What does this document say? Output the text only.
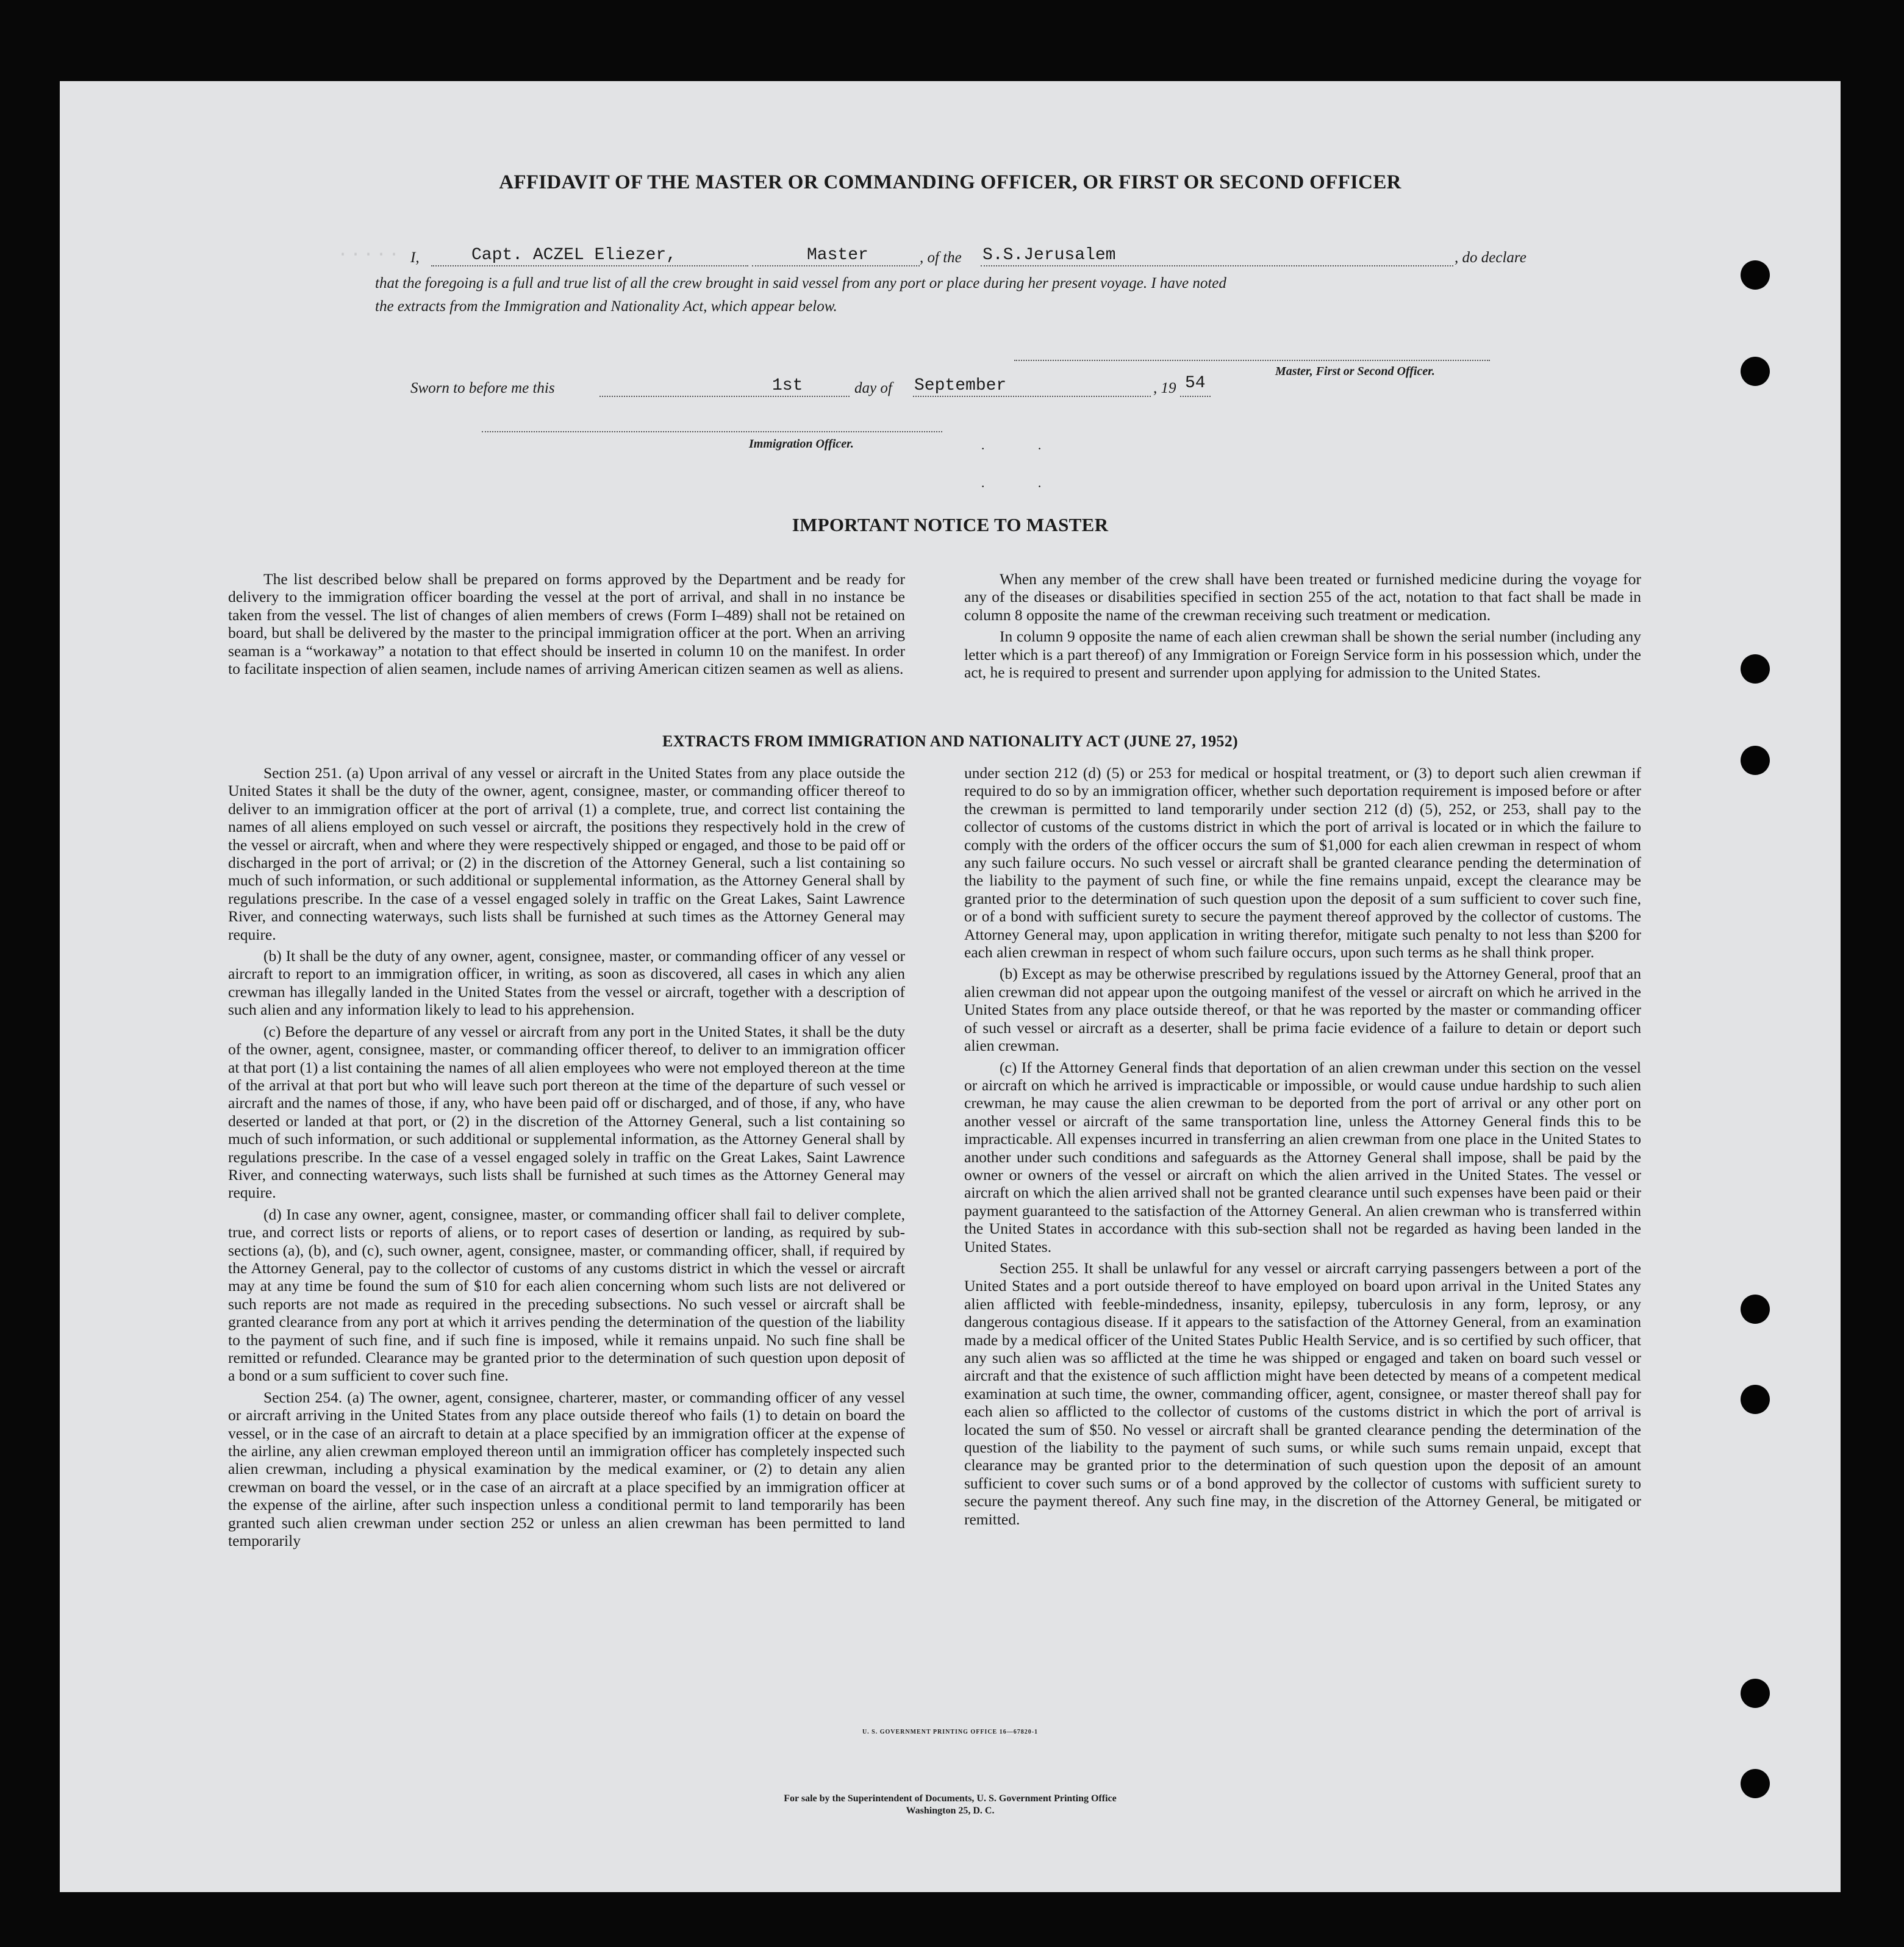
.....
AFFIDAVIT OF THE MASTER OR COMMANDING OFFICER, OR FIRST OR SECOND OFFICER
I,	Capt. ACZEL Eliezer,	Master	, of the S.S.Jerusalem	, do declare
that the foregoing is a full and true list of all the crew brought in said vessel from any port or place during her present voyage. I have noted
the extracts from the Immigration and Nationality Act, which appear below.
Master, First or Second Officer.
Sworn to before me this	1st	day of September	, 19 54
Immigration Officer.	· ·
· ·
IMPORTANT NOTICE TO MASTER

The list described below shall be prepared on forms approved by the Department and be ready for delivery to the immigration officer boarding the vessel at the port of arrival, and shall in no instance be taken from the vessel. The list of changes of alien members of crews (Form I–489) shall not be retained on board, but shall be delivered by the master to the principal immigration officer at the port. When an arriving seaman is a “workaway” a notation to that effect should be inserted in column 10 on the manifest. In order to facilitate inspection of alien seamen, include names of arriving American citizen seamen as well as aliens.

When any member of the crew shall have been treated or furnished medicine during the voyage for any of the diseases or disabilities specified in section 255 of the act, notation to that fact shall be made in column 8 opposite the name of the crewman receiving such treatment or medication.

In column 9 opposite the name of each alien crewman shall be shown the serial number (including any letter which is a part thereof) of any Immigration or Foreign Service form in his possession which, under the act, he is required to present and surrender upon applying for admission to the United States.

EXTRACTS FROM IMMIGRATION AND NATIONALITY ACT (JUNE 27, 1952)

Section 251. (a) Upon arrival of any vessel or aircraft in the United States from any place outside the United States it shall be the duty of the owner, agent, consignee, master, or commanding officer thereof to deliver to an immigration officer at the port of arrival (1) a complete, true, and correct list containing the names of all aliens employed on such vessel or aircraft, the positions they respectively hold in the crew of the vessel or aircraft, when and where they were respectively shipped or engaged, and those to be paid off or discharged in the port of arrival; or (2) in the discretion of the Attorney General, such a list containing so much of such information, or such additional or supplemental information, as the Attorney General shall by regulations prescribe. In the case of a vessel engaged solely in traffic on the Great Lakes, Saint Lawrence River, and connecting waterways, such lists shall be furnished at such times as the Attorney General may require.

(b) It shall be the duty of any owner, agent, consignee, master, or commanding officer of any vessel or aircraft to report to an immigration officer, in writing, as soon as discovered, all cases in which any alien crewman has illegally landed in the United States from the vessel or aircraft, together with a description of such alien and any information likely to lead to his apprehension.

(c) Before the departure of any vessel or aircraft from any port in the United States, it shall be the duty of the owner, agent, consignee, master, or commanding officer thereof, to deliver to an immigration officer at that port (1) a list containing the names of all alien employees who were not employed thereon at the time of the arrival at that port but who will leave such port thereon at the time of the departure of such vessel or aircraft and the names of those, if any, who have been paid off or discharged, and of those, if any, who have deserted or landed at that port, or (2) in the discretion of the Attorney General, such a list containing so much of such information, or such additional or supplemental information, as the Attorney General shall by regulations prescribe. In the case of a vessel engaged solely in traffic on the Great Lakes, Saint Lawrence River, and connecting waterways, such lists shall be furnished at such times as the Attorney General may require.

(d) In case any owner, agent, consignee, master, or commanding officer shall fail to deliver complete, true, and correct lists or reports of aliens, or to report cases of desertion or landing, as required by sub-sections (a), (b), and (c), such owner, agent, consignee, master, or commanding officer, shall, if required by the Attorney General, pay to the collector of customs of any customs district in which the vessel or aircraft may at any time be found the sum of $10 for each alien concerning whom such lists are not delivered or such reports are not made as required in the preceding subsections. No such vessel or aircraft shall be granted clearance from any port at which it arrives pending the determination of the question of the liability to the payment of such fine, and if such fine is imposed, while it remains unpaid. No such fine shall be remitted or refunded. Clearance may be granted prior to the determination of such question upon deposit of a bond or a sum sufficient to cover such fine.

Section 254. (a) The owner, agent, consignee, charterer, master, or commanding officer of any vessel or aircraft arriving in the United States from any place outside thereof who fails (1) to detain on board the vessel, or in the case of an aircraft to detain at a place specified by an immigration officer at the expense of the airline, any alien crewman employed thereon until an immigration officer has completely inspected such alien crewman, including a physical examination by the medical examiner, or (2) to detain any alien crewman on board the vessel, or in the case of an aircraft at a place specified by an immigration officer at the expense of the airline, after such inspection unless a conditional permit to land temporarily has been granted such alien crewman under section 252 or unless an alien crewman has been permitted to land temporarily

under section 212 (d) (5) or 253 for medical or hospital treatment, or (3) to deport such alien crewman if required to do so by an immigration officer, whether such deportation requirement is imposed before or after the crewman is permitted to land temporarily under section 212 (d) (5), 252, or 253, shall pay to the collector of customs of the customs district in which the port of arrival is located or in which the failure to comply with the orders of the officer occurs the sum of $1,000 for each alien crewman in respect of whom any such failure occurs. No such vessel or aircraft shall be granted clearance pending the determination of the liability to the payment of such fine, or while the fine remains unpaid, except the clearance may be granted prior to the determination of such question upon the deposit of a sum sufficient to cover such fine, or of a bond with sufficient surety to secure the payment thereof approved by the collector of customs. The Attorney General may, upon application in writing therefor, mitigate such penalty to not less than $200 for each alien crewman in respect of whom such failure occurs, upon such terms as he shall think proper.

(b) Except as may be otherwise prescribed by regulations issued by the Attorney General, proof that an alien crewman did not appear upon the outgoing manifest of the vessel or aircraft on which he arrived in the United States from any place outside thereof, or that he was reported by the master or commanding officer of such vessel or aircraft as a deserter, shall be prima facie evidence of a failure to detain or deport such alien crewman.

(c) If the Attorney General finds that deportation of an alien crewman under this section on the vessel or aircraft on which he arrived is impracticable or impossible, or would cause undue hardship to such alien crewman, he may cause the alien crewman to be deported from the port of arrival or any other port on another vessel or aircraft of the same transportation line, unless the Attorney General finds this to be impracticable. All expenses incurred in transferring an alien crewman from one place in the United States to another under such conditions and safeguards as the Attorney General shall impose, shall be paid by the owner or owners of the vessel or aircraft on which the alien arrived in the United States. The vessel or aircraft on which the alien arrived shall not be granted clearance until such expenses have been paid or their payment guaranteed to the satisfaction of the Attorney General. An alien crewman who is transferred within the United States in accordance with this sub-section shall not be regarded as having been landed in the United States.

Section 255. It shall be unlawful for any vessel or aircraft carrying passengers between a port of the United States and a port outside thereof to have employed on board upon arrival in the United States any alien afflicted with feeble-mindedness, insanity, epilepsy, tuberculosis in any form, leprosy, or any dangerous contagious disease. If it appears to the satisfaction of the Attorney General, from an examination made by a medical officer of the United States Public Health Service, and is so certified by such officer, that any such alien was so afflicted at the time he was shipped or engaged and taken on board such vessel or aircraft and that the existence of such affliction might have been detected by means of a competent medical examination at such time, the owner, commanding officer, agent, consignee, or master thereof shall pay for each alien so afflicted to the collector of customs of the customs district in which the port of arrival is located the sum of $50. No vessel or aircraft shall be granted clearance pending the determination of the question of the liability to the payment of such sums, or while such sums remain unpaid, except that clearance may be granted prior to the determination of such question upon the deposit of an amount sufficient to cover such sums or of a bond approved by the collector of customs with sufficient surety to secure the payment thereof. Any such fine may, in the discretion of the Attorney General, be mitigated or remitted.

U. S. GOVERNMENT PRINTING OFFICE 16—67820-1
For sale by the Superintendent of Documents, U. S. Government Printing Office
Washington 25, D. C.
